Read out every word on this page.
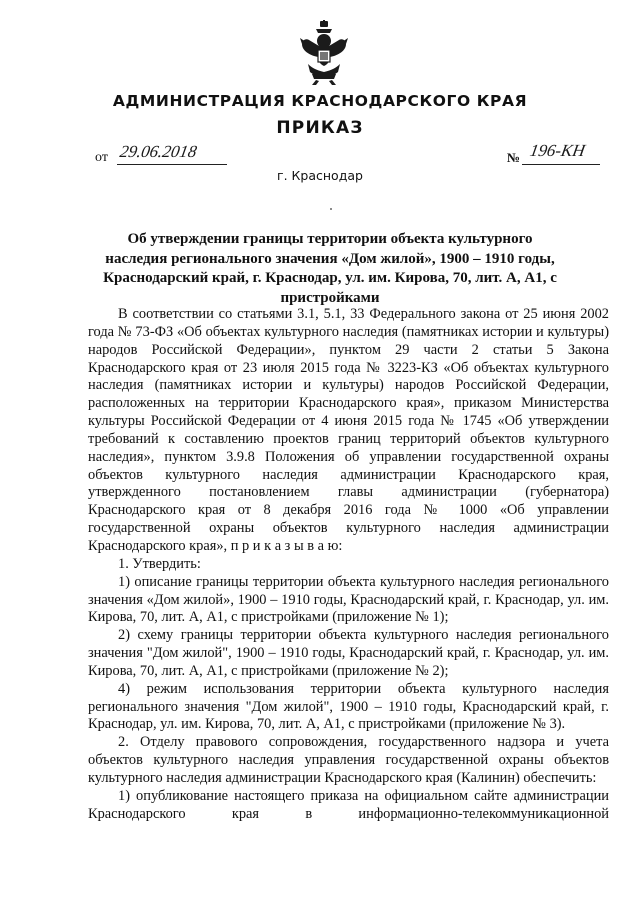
АДМИНИСТРАЦИЯ КРАСНОДАРСКОГО КРАЯ
ПРИКАЗ
от 29.06.2018	№ 196-КН
г. Краснодар
Об утверждении границы территории объекта культурного наследия регионального значения «Дом жилой», 1900 – 1910 годы, Краснодарский край, г. Краснодар, ул. им. Кирова, 70, лит. А, А1, с пристройками

В соответствии со статьями 3.1, 5.1, 33 Федерального закона от 25 июня 2002 года № 73-ФЗ «Об объектах культурного наследия (памятниках истории и культуры) народов Российской Федерации», пунктом 29 части 2 статьи 5 Закона Краснодарского края от 23 июля 2015 года № 3223-КЗ «Об объектах культурного наследия (памятниках истории и культуры) народов Российской Федерации, расположенных на территории Краснодарского края», приказом Министерства культуры Российской Федерации от 4 июня 2015 года № 1745 «Об утверждении требований к составлению проектов границ территорий объектов культурного наследия», пунктом 3.9.8 Положения об управлении государственной охраны объектов культурного наследия администрации Краснодарского края, утвержденного постановлением главы администрации (губернатора) Краснодарского края от 8 декабря 2016 года № 1000 «Об управлении государственной охраны объектов культурного наследия администрации Краснодарского края», п р и к а з ы в а ю:

1. Утвердить:

1) описание границы территории объекта культурного наследия регионального значения «Дом жилой», 1900 – 1910 годы, Краснодарский край, г. Краснодар, ул. им. Кирова, 70, лит. А, А1, с пристройками (приложение № 1);

2) схему границы территории объекта культурного наследия регионального значения "Дом жилой", 1900 – 1910 годы, Краснодарский край, г. Краснодар, ул. им. Кирова, 70, лит. А, А1, с пристройками (приложение № 2);

4) режим использования территории объекта культурного наследия регионального значения "Дом жилой", 1900 – 1910 годы, Краснодарский край, г. Краснодар, ул. им. Кирова, 70, лит. А, А1, с пристройками (приложение № 3).

2. Отделу правового сопровождения, государственного надзора и учета объектов культурного наследия управления государственной охраны объектов культурного наследия администрации Краснодарского края (Калинин) обеспечить:

1) опубликование настоящего приказа на официальном сайте администрации Краснодарского края в информационно-телекоммуникационной
